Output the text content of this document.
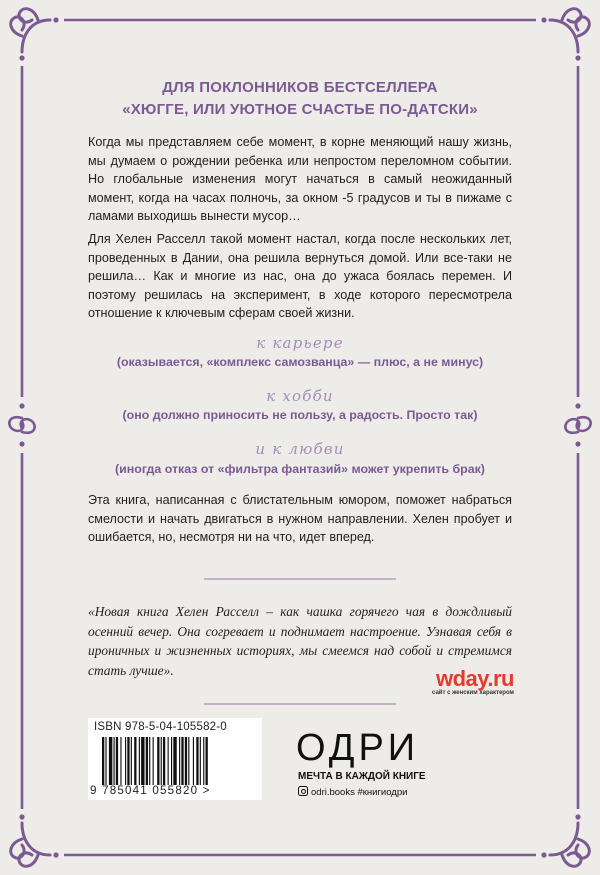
ДЛЯ ПОКЛОННИКОВ БЕСТСЕЛЛЕРА
«ХЮГГЕ, ИЛИ УЮТНОЕ СЧАСТЬЕ ПО-ДАТСКИ»
Когда мы представляем себе момент, в корне меняющий нашу жизнь, мы думаем о рождении ребенка или непростом переломном событии. Но глобальные изменения могут начаться в самый неожиданный момент, когда на часах полночь, за окном -5 градусов и ты в пижаме с ламами выходишь вынести мусор…
Для Хелен Расселл такой момент настал, когда после нескольких лет, проведенных в Дании, она решила вернуться домой. Или все-таки не решила… Как и многие из нас, она до ужаса боялась перемен. И поэтому решилась на эксперимент, в ходе которого пересмотрела отношение к ключевым сферам своей жизни.
к карьере
(оказывается, «комплекс самозванца» — плюс, а не минус)
к хобби
(оно должно приносить не пользу, а радость. Просто так)
и к любви
(иногда отказ от «фильтра фантазий» может укрепить брак)
Эта книга, написанная с блистательным юмором, поможет набраться смелости и начать двигаться в нужном направлении. Хелен пробует и ошибается, но, несмотря ни на что, идет вперед.
«Новая книга Хелен Расселл – как чашка горячего чая в дождливый осенний вечер. Она согревает и поднимает настроение. Узнавая себя в ироничных и жизненных историях, мы смеемся над собой и стремимся стать лучше».	wday.ru
сайт с женским характером
ISBN 978-5-04-105582-0
9 785041 055820 >
ОДРИ
МЕЧТА В КАЖДОЙ КНИГЕ
odri.books #книгиодри
